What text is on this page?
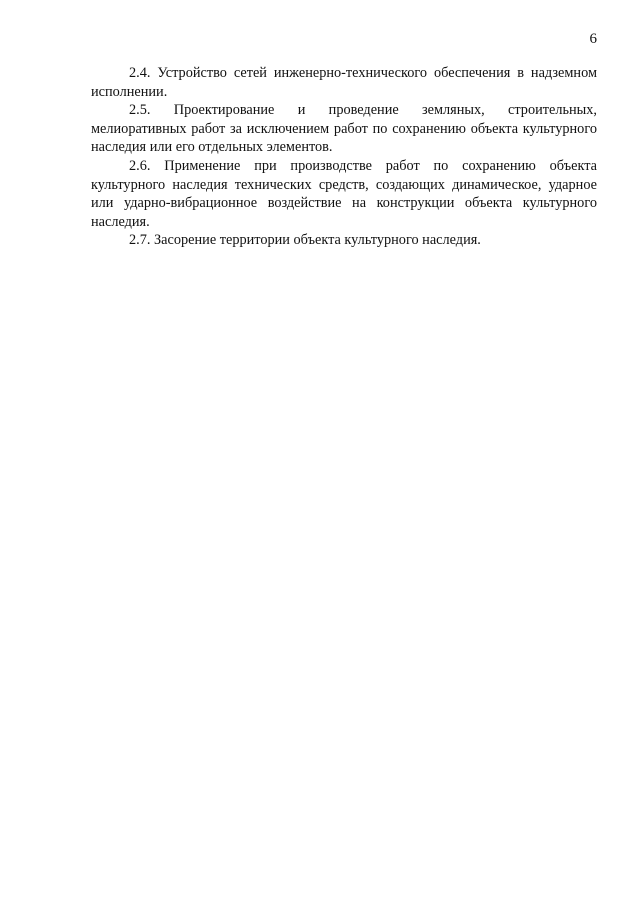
6

2.4. Устройство сетей инженерно-технического обеспечения в надземном исполнении.

2.5. Проектирование и проведение земляных, строительных, мелиоративных работ за исключением работ по сохранению объекта культурного наследия или его отдельных элементов.

2.6. Применение при производстве работ по сохранению объекта культурного наследия технических средств, создающих динамическое, ударное или ударно-вибрационное воздействие на конструкции объекта культурного наследия.

2.7. Засорение территории объекта культурного наследия.
